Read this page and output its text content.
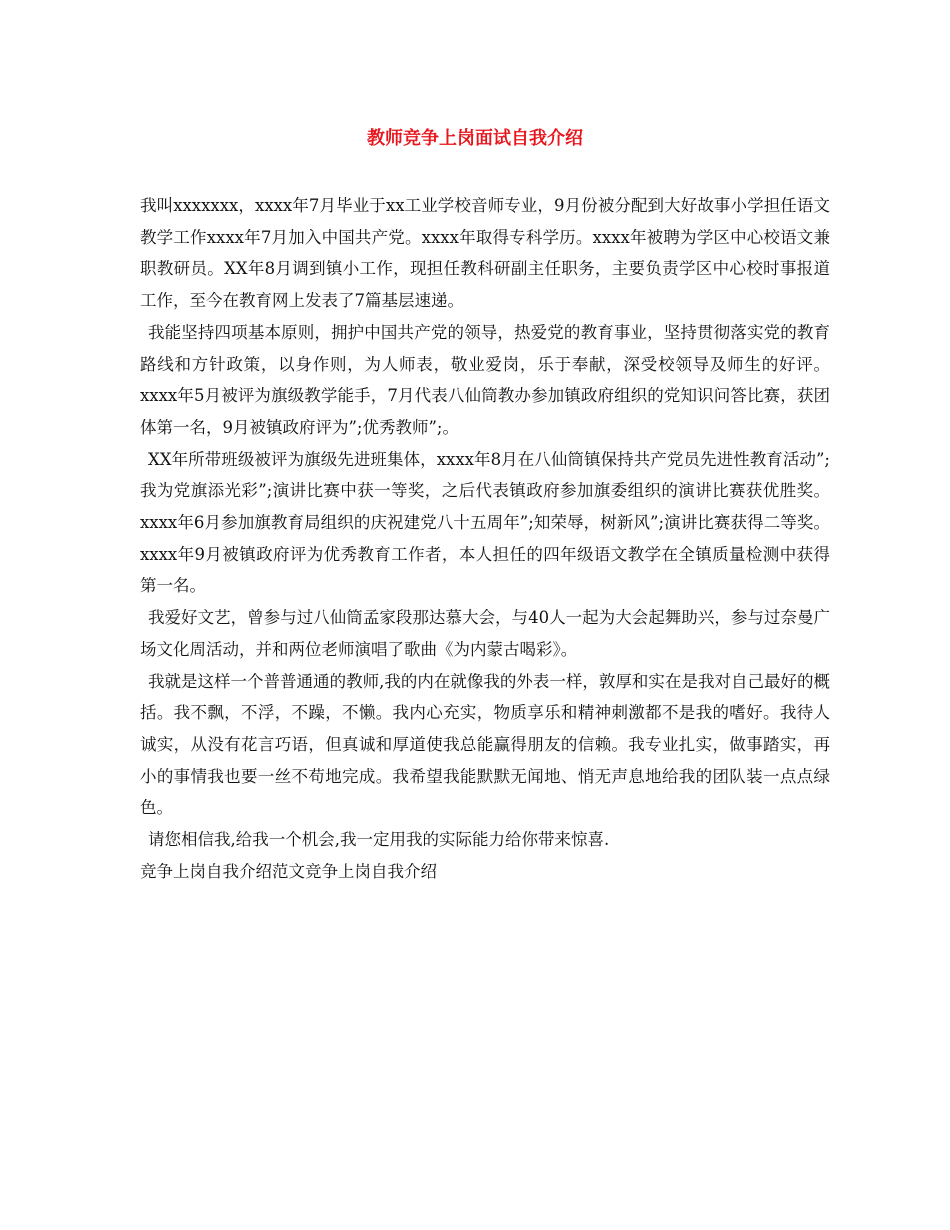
教师竞争上岗面试自我介绍

我叫xxxxxxx，xxxx年7月毕业于xx工业学校音师专业，9月份被分配到大好故事小学担任语文教学工作xxxx年7月加入中国共产党。xxxx年取得专科学历。xxxx年被聘为学区中心校语文兼职教研员。XX年8月调到镇小工作，现担任教科研副主任职务，主要负责学区中心校时事报道工作，至今在教育网上发表了7篇基层速递。

我能坚持四项基本原则，拥护中国共产党的领导，热爱党的教育事业，坚持贯彻落实党的教育路线和方针政策，以身作则，为人师表，敬业爱岗，乐于奉献，深受校领导及师生的好评。xxxx年5月被评为旗级教学能手，7月代表八仙筒教办参加镇政府组织的党知识问答比赛，获团体第一名，9月被镇政府评为”;优秀教师”;。

XX年所带班级被评为旗级先进班集体，xxxx年8月在八仙筒镇保持共产党员先进性教育活动”;我为党旗添光彩”;演讲比赛中获一等奖，之后代表镇政府参加旗委组织的演讲比赛获优胜奖。xxxx年6月参加旗教育局组织的庆祝建党八十五周年”;知荣辱，树新风”;演讲比赛获得二等奖。xxxx年9月被镇政府评为优秀教育工作者，本人担任的四年级语文教学在全镇质量检测中获得第一名。

我爱好文艺，曾参与过八仙筒孟家段那达慕大会，与40人一起为大会起舞助兴，参与过奈曼广场文化周活动，并和两位老师演唱了歌曲《为内蒙古喝彩》。

我就是这样一个普普通通的教师,我的内在就像我的外表一样，敦厚和实在是我对自己最好的概括。我不飘，不浮，不躁，不懒。我内心充实，物质享乐和精神刺激都不是我的嗜好。我待人诚实，从没有花言巧语，但真诚和厚道使我总能赢得朋友的信赖。我专业扎实，做事踏实，再小的事情我也要一丝不苟地完成。我希望我能默默无闻地、悄无声息地给我的团队装一点点绿色。

请您相信我,给我一个机会,我一定用我的实际能力给你带来惊喜.

竞争上岗自我介绍范文竞争上岗自我介绍
